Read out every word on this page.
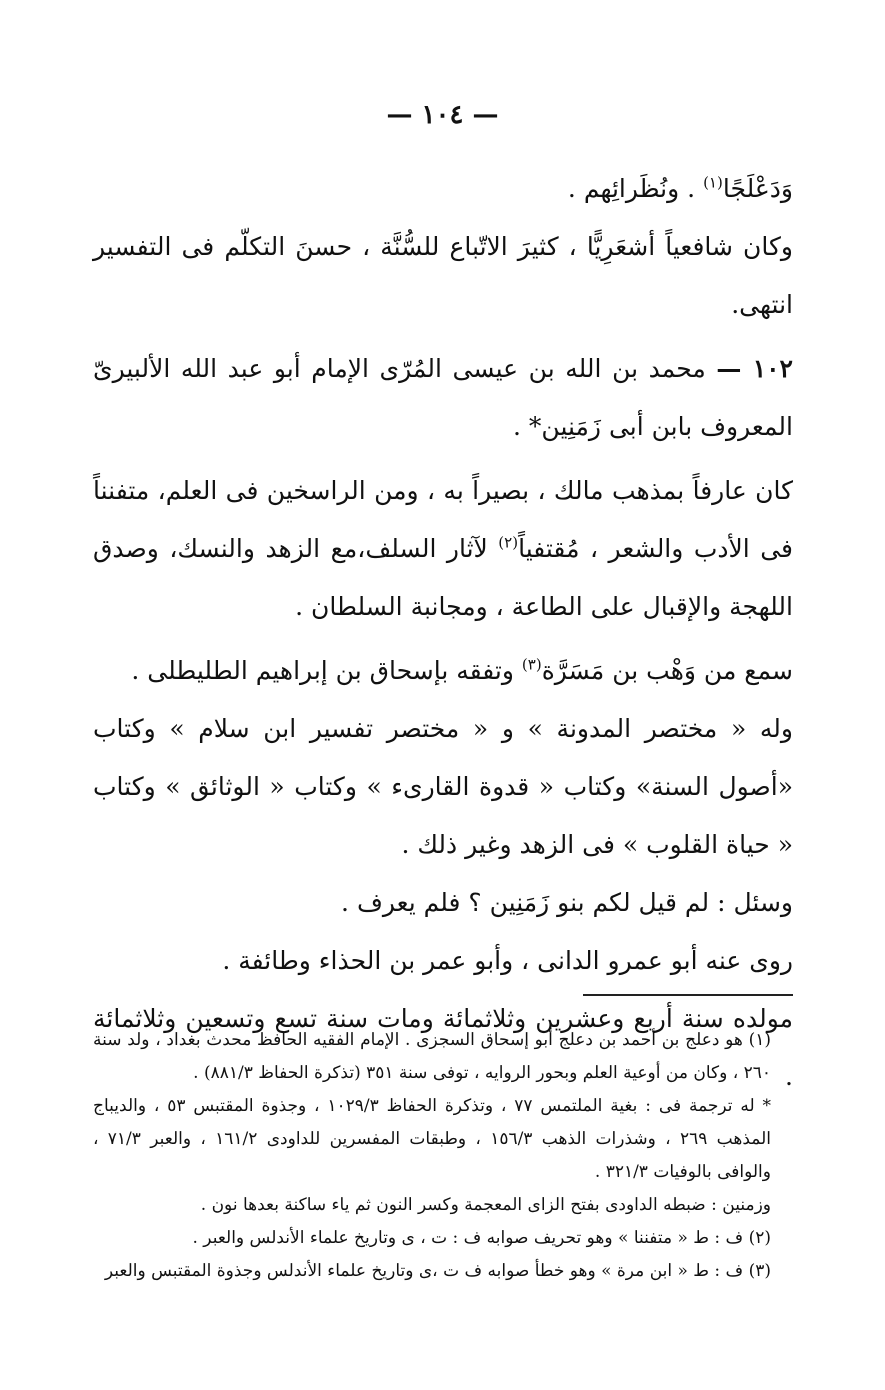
— ١٠٤ —

وَدَعْلَجًا$^{(١)}$ . ونُظَرائِهم .

وكان شافعياً أشعَرِيًّا ، كثيرَ الاتّباع للسُّنَّة ، حسنَ التكلّم فى التفسير انتهى.

١٠٢ — محمد بن الله بن عيسى المُرّى الإمام أبو عبد الله الألبيرىّ المعروف بابن أبى زَمَنِين* .

كان عارفاً بمذهب مالك ، بصيراً به ، ومن الراسخين فى العلم، متفنناً فى الأدب والشعر ، مُقتفياً$^{(٢)}$ لآثار السلف،مع الزهد والنسك، وصدق اللهجة والإقبال على الطاعة ، ومجانبة السلطان .

سمع من وَهْب بن مَسَرَّة$^{(٣)}$ وتفقه بإسحاق بن إبراهيم الطليطلى .

وله « مختصر المدونة » و « مختصر تفسير ابن سلام » وكتاب «أصول السنة» وكتاب « قدوة القارىء » وكتاب « الوثائق » وكتاب « حياة القلوب » فى الزهد وغير ذلك .

وسئل : لم قيل لكم بنو زَمَنِين ؟ فلم يعرف .

روى عنه أبو عمرو الدانى ، وأبو عمر بن الحذاء وطائفة .

مولده سنة أربع وعشرين وثلاثمائة ومات سنة تسع وتسعين وثلاثمائة .

(١) هو دعلج بن أحمد بن دعلج أبو إسحاق السجزى . الإمام الفقيه الحافظ محدث بغداد ، ولد سنة ٢٦٠ ، وكان من أوعية العلم وبحور الروايه ، توفى سنة ٣٥١ (تذكرة الحفاظ ٨٨١/٣) .

* له ترجمة فى : بغية الملتمس ٧٧ ، وتذكرة الحفاظ ١٠٢٩/٣ ، وجذوة المقتبس ٥٣ ، والديباج المذهب ٢٦٩ ، وشذرات الذهب ١٥٦/٣ ، وطبقات المفسرين للداودى ١٦١/٢ ، والعبر ٧١/٣ ، والوافى بالوفيات ٣٢١/٣ .

وزمنين : ضبطه الداودى بفتح الزاى المعجمة وكسر النون ثم ياء ساكنة بعدها نون .

(٢) ف : ط « متفننا » وهو تحريف صوابه ف : ت ، ى وتاريخ علماء الأندلس والعبر .

(٣) ف : ط « ابن مرة » وهو خطأ صوابه ف ت ،ى وتاريخ علماء الأندلس وجذوة المقتبس والعبر
